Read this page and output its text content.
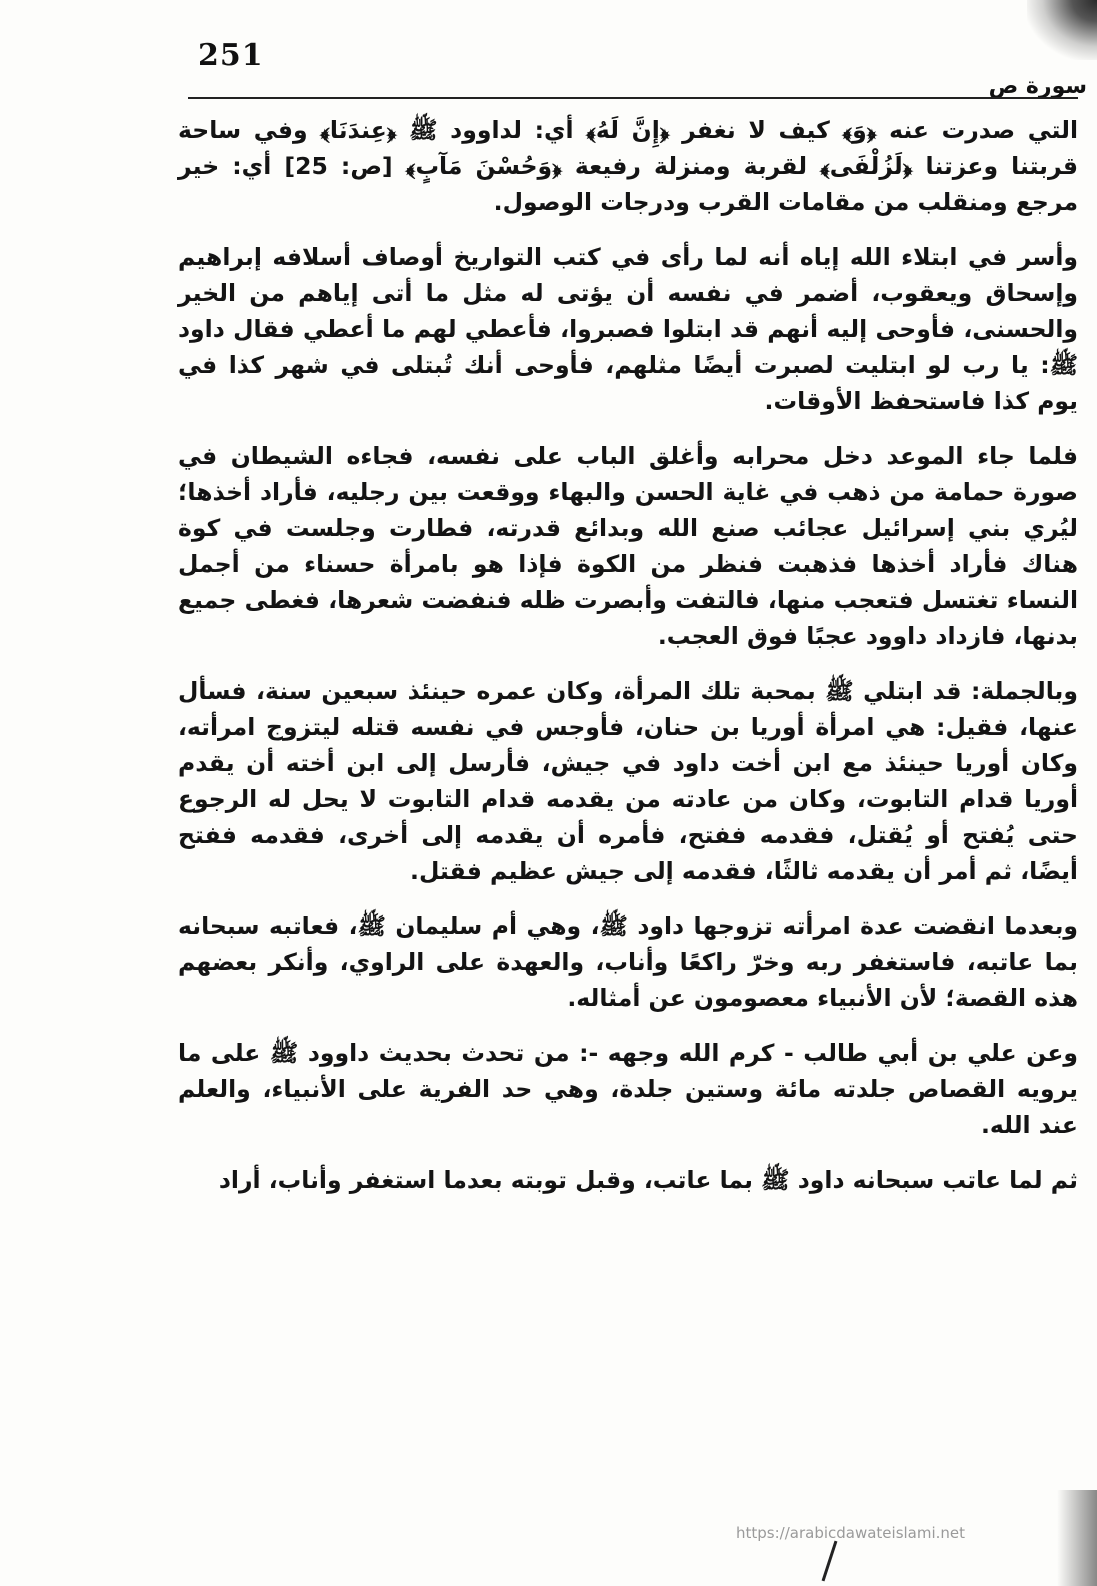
251
سورة ص

التي صدرت عنه ﴿وَ﴾ كيف لا نغفر ﴿إِنَّ لَهُ﴾ أي: لداوود ﷺ ﴿عِندَنَا﴾ وفي ساحة قربتنا وعزتنا ﴿لَزُلْفَى﴾ لقربة ومنزلة رفيعة ﴿وَحُسْنَ مَآبٍ﴾ [ص: 25] أي: خير مرجع ومنقلب من مقامات القرب ودرجات الوصول.

وأسر في ابتلاء الله إياه أنه لما رأى في كتب التواريخ أوصاف أسلافه إبراهيم وإسحاق ويعقوب، أضمر في نفسه أن يؤتى له مثل ما أتى إياهم من الخير والحسنى، فأوحى إليه أنهم قد ابتلوا فصبروا، فأعطي لهم ما أعطي فقال داود ﷺ: يا رب لو ابتليت لصبرت أيضًا مثلهم، فأوحى أنك تُبتلى في شهر كذا في يوم كذا فاستحفظ الأوقات.

فلما جاء الموعد دخل محرابه وأغلق الباب على نفسه، فجاءه الشيطان في صورة حمامة من ذهب في غاية الحسن والبهاء ووقعت بين رجليه، فأراد أخذها؛ ليُري بني إسرائيل عجائب صنع الله وبدائع قدرته، فطارت وجلست في كوة هناك فأراد أخذها فذهبت فنظر من الكوة فإذا هو بامرأة حسناء من أجمل النساء تغتسل فتعجب منها، فالتفت وأبصرت ظله فنفضت شعرها، فغطى جميع بدنها، فازداد داوود عجبًا فوق العجب.

وبالجملة: قد ابتلي ﷺ بمحبة تلك المرأة، وكان عمره حينئذ سبعين سنة، فسأل عنها، فقيل: هي امرأة أوريا بن حنان، فأوجس في نفسه قتله ليتزوج امرأته، وكان أوريا حينئذ مع ابن أخت داود في جيش، فأرسل إلى ابن أخته أن يقدم أوريا قدام التابوت، وكان من عادته من يقدمه قدام التابوت لا يحل له الرجوع حتى يُفتح أو يُقتل، فقدمه ففتح، فأمره أن يقدمه إلى أخرى، فقدمه ففتح أيضًا، ثم أمر أن يقدمه ثالثًا، فقدمه إلى جيش عظيم فقتل.

وبعدما انقضت عدة امرأته تزوجها داود ﷺ، وهي أم سليمان ﷺ، فعاتبه سبحانه بما عاتبه، فاستغفر ربه وخرّ راكعًا وأناب، والعهدة على الراوي، وأنكر بعضهم هذه القصة؛ لأن الأنبياء معصومون عن أمثاله.

وعن علي بن أبي طالب - كرم الله وجهه -: من تحدث بحديث داوود ﷺ على ما يرويه القصاص جلدته مائة وستين جلدة، وهي حد الفرية على الأنبياء، والعلم عند الله.

ثم لما عاتب سبحانه داود ﷺ بما عاتب، وقبل توبته بعدما استغفر وأناب، أراد

https://arabicdawateislami.net
